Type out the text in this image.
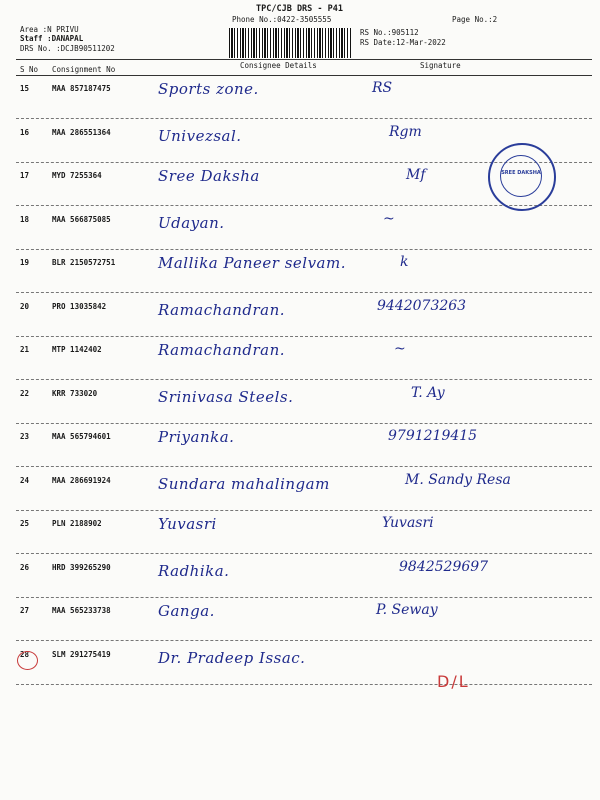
TPC/CJB DRS - P41
Phone No.:0422-3505555	Page No.:2
Area :N PRIVU
Staff :DANAPAL
DRS No. :DCJB90511202
RS No.:905112
RS Date:12-Mar-2022
S No Consignment No	Consignee Details	Signature
15	MAA 857187475	Sports zone.	RS
16	MAA 286551364	Univezsal.	Rgm
17	MYD 7255364	Sree Daksha	Mf
18	MAA 566875085	Udayan.	~
19	BLR 2150572751	Mallika Paneer selvam.	k
20	PRO 13035842	Ramachandran.	9442073263
21	MTP 1142402	Ramachandran.	~
22	KRR 733020	Srinivasa Steels.	T. Ay
23	MAA 565794601	Priyanka.	9791219415
24	MAA 286691924	Sundara mahalingam	M. Sandy Resa
25	PLN 2188902	Yuvasri	Yuvasri
26	HRD 399265290	Radhika.	9842529697
27	MAA 565233738	Ganga.	P. Seway
28	SLM 291275419	Dr. Pradeep Issac.
SREE DAKSHA
D/L
